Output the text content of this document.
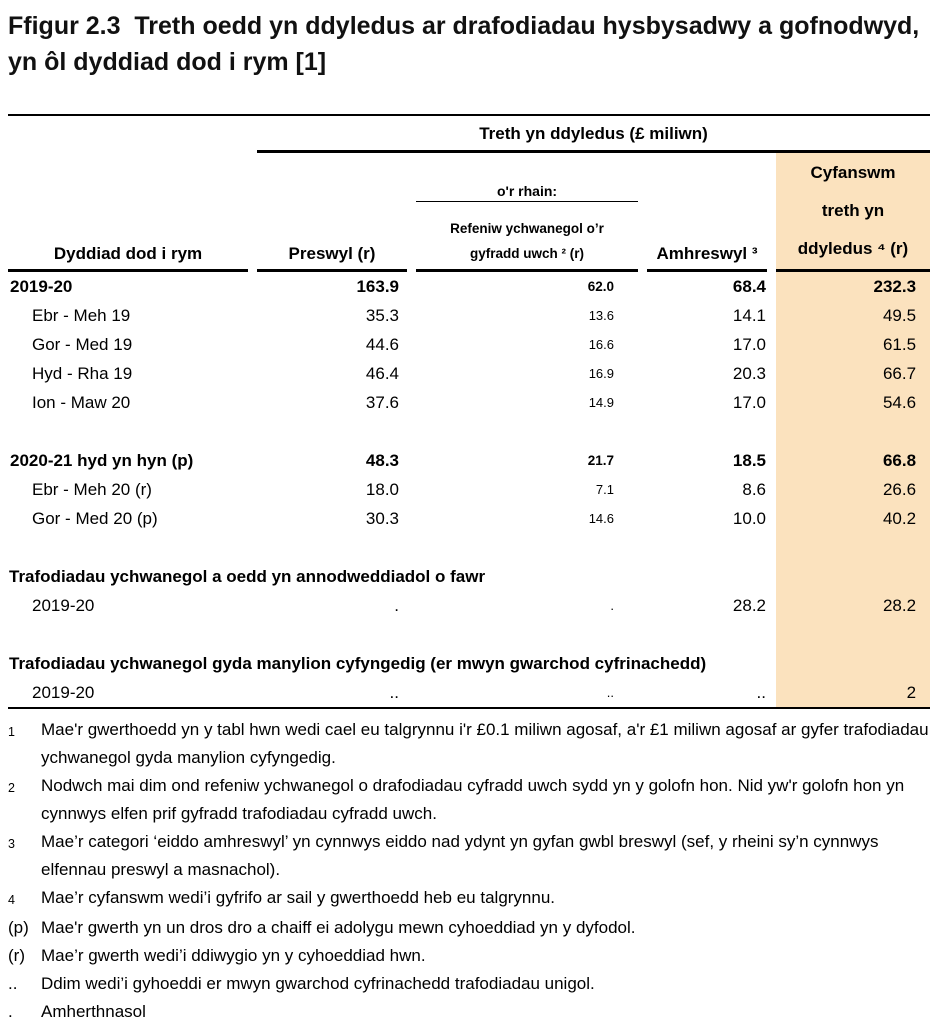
Ffigur 2.3  Treth oedd yn ddyledus ar drafodiadau hysbysadwy a gofnodwyd, yn ôl dyddiad dod i rym [1]
	Treth yn ddyledus (£ miliwn)			
		o'r rhain:		Cyfanswm
treth yn
ddyledus ⁴ (r)

Dyddiad dod i rym	Preswyl (r)	Refeniw ychwanegol o’r
gyfradd uwch ² (r)	Amhreswyl ³	
2019-20	163.9	62.0	68.4	232.3
Ebr - Meh 19	35.3	13.6	14.1	49.5
Gor - Med 19	44.6	16.6	17.0	61.5
Hyd - Rha 19	46.4	16.9	20.3	66.7
Ion - Maw 20	37.6	14.9	17.0	54.6

2020-21 hyd yn hyn (p)	48.3	21.7	18.5	66.8
Ebr - Meh 20 (r)	18.0	7.1	8.6	26.6
Gor - Med 20 (p)	30.3	14.6	10.0	40.2

Trafodiadau ychwanegol a oedd yn annodweddiadol o fawr				

2019-20	.	.	28.2	28.2

Trafodiadau ychwanegol gyda manylion cyfyngedig (er mwyn gwarchod cyfrinachedd)				

2019-20	..	..	..	2
1	Mae'r gwerthoedd yn y tabl hwn wedi cael eu talgrynnu i'r £0.1 miliwn agosaf, a'r £1 miliwn agosaf ar gyfer trafodiadau ychwanegol gyda manylion cyfyngedig.
2	Nodwch mai dim ond refeniw ychwanegol o drafodiadau cyfradd uwch sydd yn y golofn hon. Nid yw'r golofn hon yn cynnwys elfen prif gyfradd trafodiadau cyfradd uwch.
3	Mae’r categori ‘eiddo amhreswyl’ yn cynnwys eiddo nad ydynt yn gyfan gwbl breswyl (sef, y rheini sy’n cynnwys elfennau preswyl a masnachol).
4	Mae’r cyfanswm wedi’i gyfrifo ar sail y gwerthoedd heb eu talgrynnu.
(p) Mae'r gwerth yn un dros dro a chaiff ei adolygu mewn cyhoeddiad yn y dyfodol.
(r) Mae’r gwerth wedi’i ddiwygio yn y cyhoeddiad hwn.
..	Ddim wedi’i gyhoeddi er mwyn gwarchod cyfrinachedd trafodiadau unigol.
.	Amherthnasol
